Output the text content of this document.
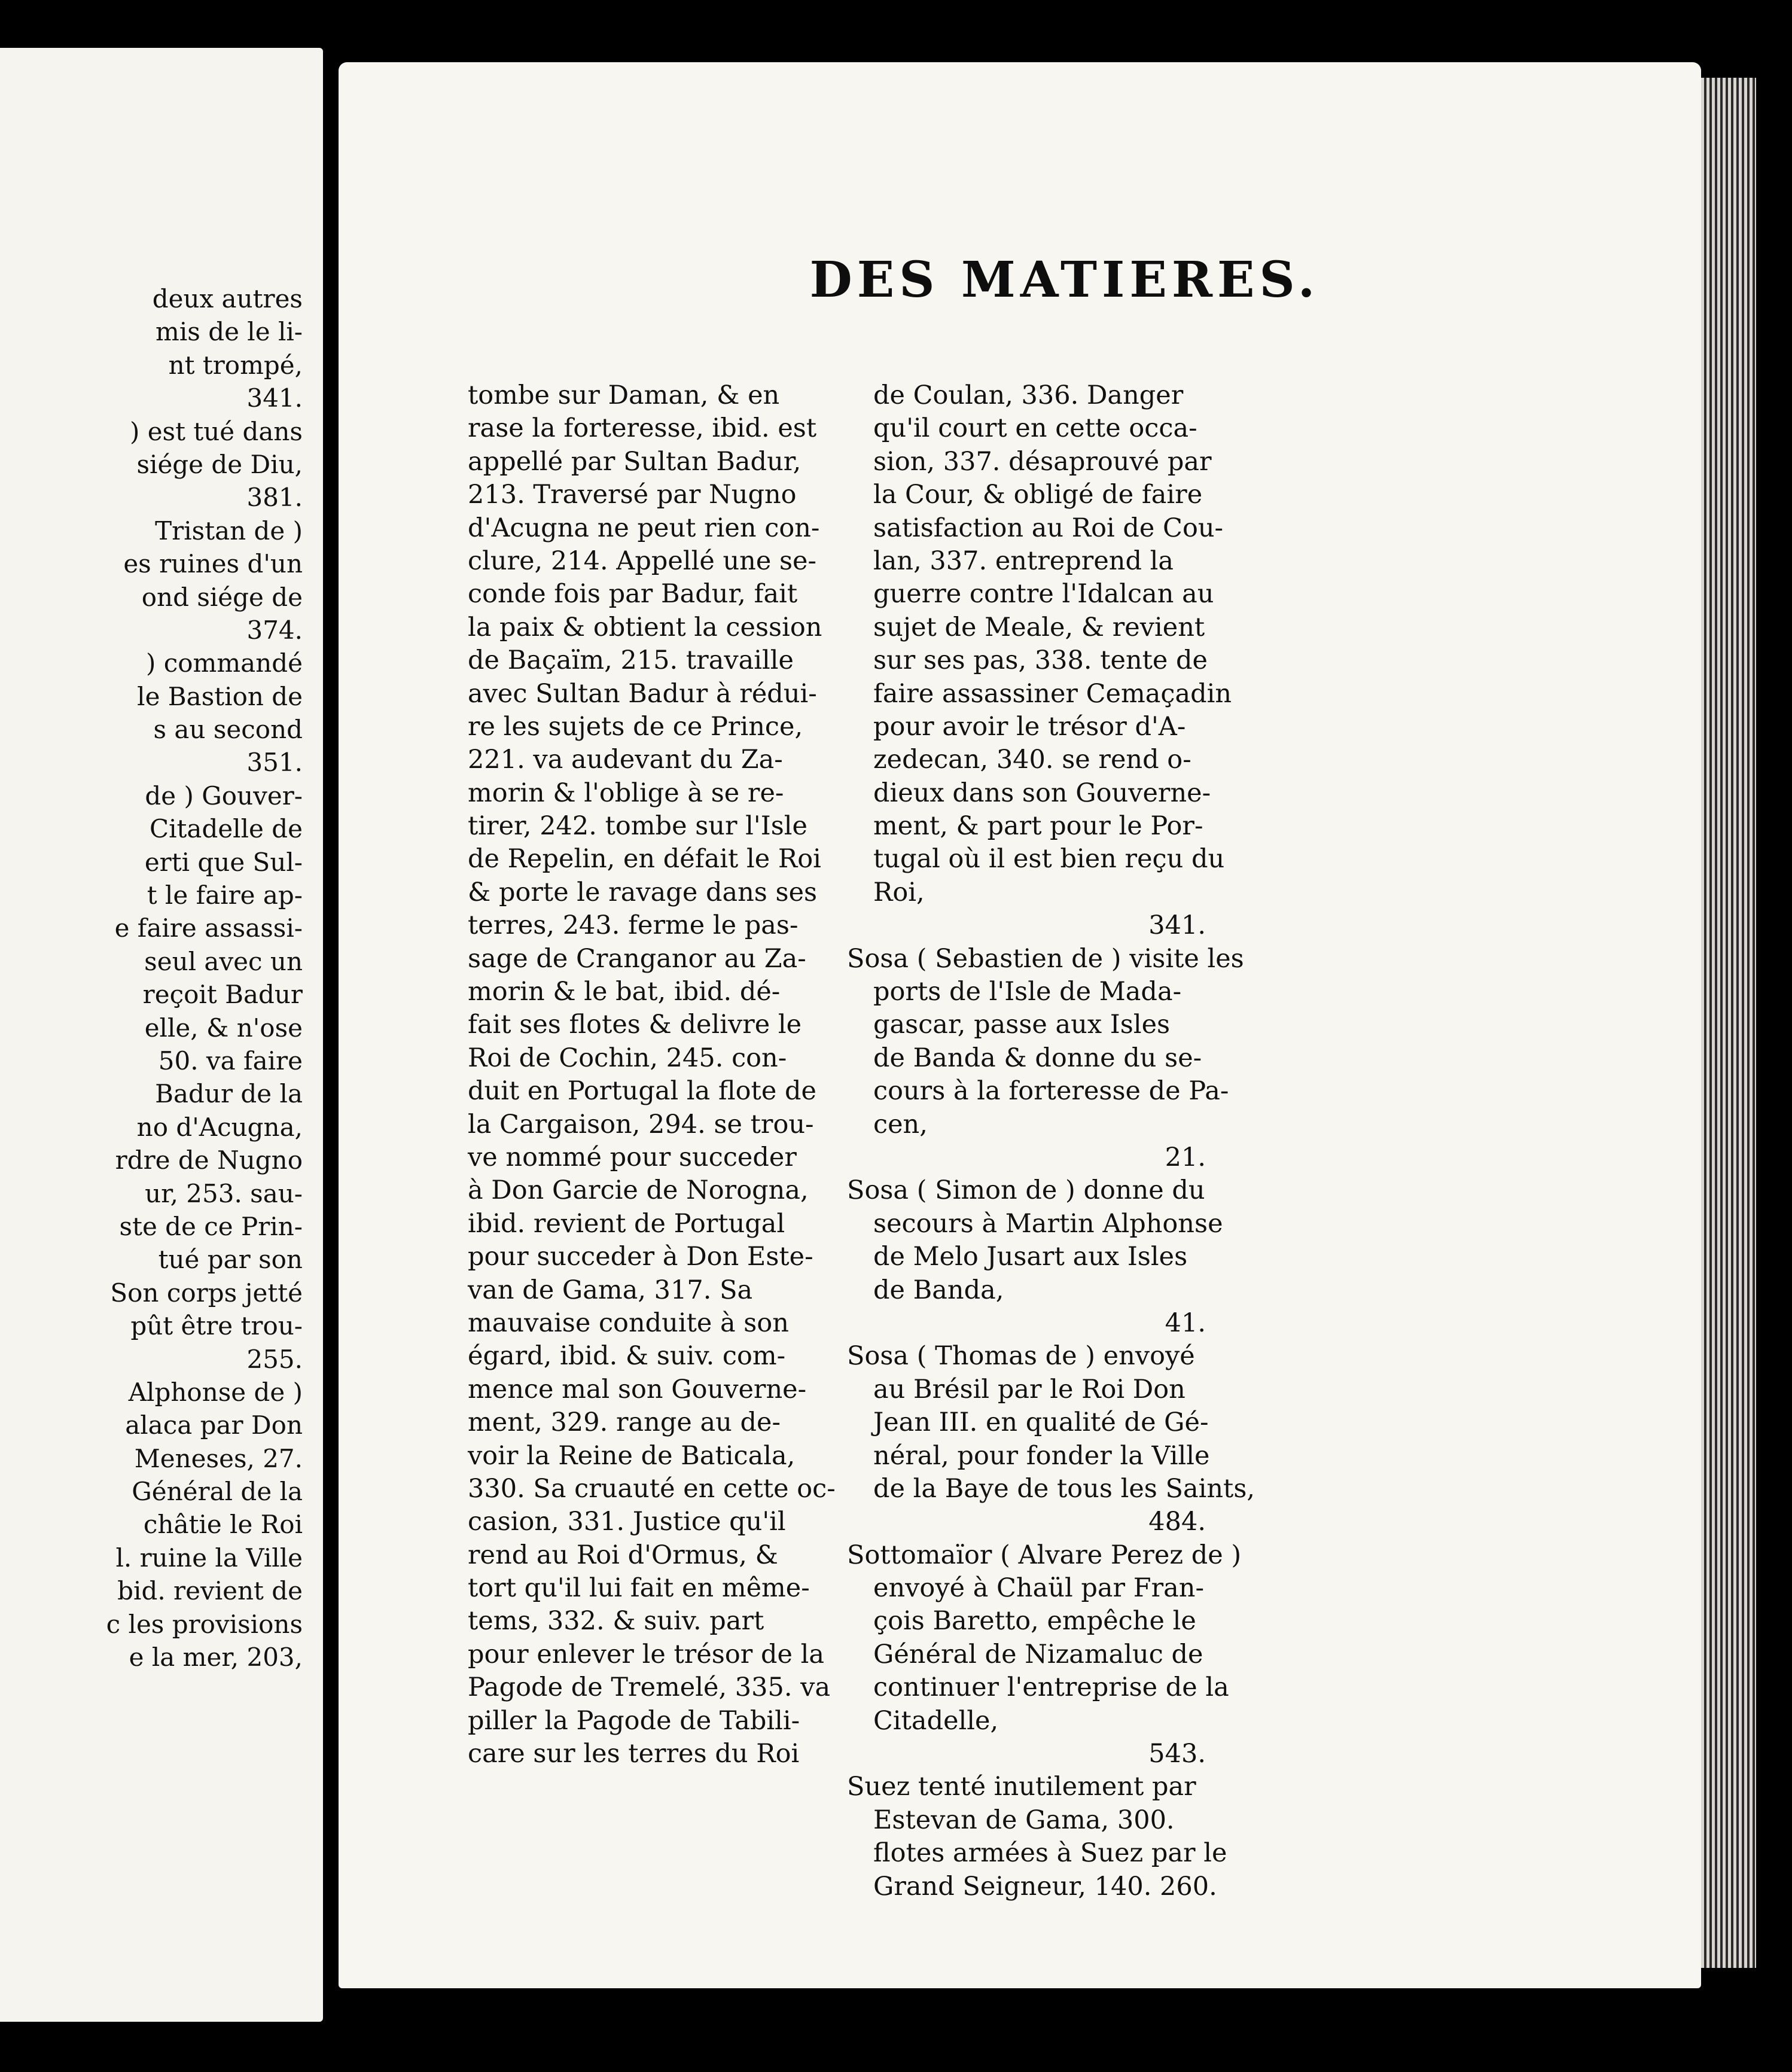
deux autres
mis de le li-
nt trompé,
341.
) est tué dans
siége de Diu,
381.
Tristan de )
es ruines d'un
ond siége de
374.
) commandé
le Bastion de
s au second
351.
de ) Gouver-
Citadelle de
erti que Sul-
t le faire ap-
e faire assassi-
seul avec un
reçoit Badur
elle, & n'ose
50. va faire
Badur de la
no d'Acugna,
rdre de Nugno
ur, 253. sau-
ste de ce Prin-
tué par son
Son corps jetté
pût être trou-
255.
Alphonse de )
alaca par Don
Meneses, 27.
Général de la
châtie le Roi
l. ruine la Ville
bid. revient de
c les provisions
e la mer, 203,
DES MATIERES.
tombe sur Daman, & en
rase la forteresse, ibid. est
appellé par Sultan Badur,
213. Traversé par Nugno
d'Acugna ne peut rien con-
clure, 214. Appellé une se-
conde fois par Badur, fait
la paix & obtient la cession
de Baçaïm, 215. travaille
avec Sultan Badur à rédui-
re les sujets de ce Prince,
221. va audevant du Za-
morin & l'oblige à se re-
tirer, 242. tombe sur l'Isle
de Repelin, en défait le Roi
& porte le ravage dans ses
terres, 243. ferme le pas-
sage de Cranganor au Za-
morin & le bat, ibid. dé-
fait ses flotes & delivre le
Roi de Cochin, 245. con-
duit en Portugal la flote de
la Cargaison, 294. se trou-
ve nommé pour succeder
à Don Garcie de Norogna,
ibid. revient de Portugal
pour succeder à Don Este-
van de Gama, 317. Sa
mauvaise conduite à son
égard, ibid. & suiv. com-
mence mal son Gouverne-
ment, 329. range au de-
voir la Reine de Baticala,
330. Sa cruauté en cette oc-
casion, 331. Justice qu'il
rend au Roi d'Ormus, &
tort qu'il lui fait en même-
tems, 332. & suiv. part
pour enlever le trésor de la
Pagode de Tremelé, 335. va
piller la Pagode de Tabili-
care sur les terres du Roi
de Coulan, 336. Danger
qu'il court en cette occa-
sion, 337. désaprouvé par
la Cour, & obligé de faire
satisfaction au Roi de Cou-
lan, 337. entreprend la
guerre contre l'Idalcan au
sujet de Meale, & revient
sur ses pas, 338. tente de
faire assassiner Cemaçadin
pour avoir le trésor d'A-
zedecan, 340. se rend o-
dieux dans son Gouverne-
ment, & part pour le Por-
tugal où il est bien reçu du
Roi,
341.
Sosa ( Sebastien de ) visite les
ports de l'Isle de Mada-
gascar, passe aux Isles
de Banda & donne du se-
cours à la forteresse de Pa-
cen,
21.
Sosa ( Simon de ) donne du
secours à Martin Alphonse
de Melo Jusart aux Isles
de Banda,
41.
Sosa ( Thomas de ) envoyé
au Brésil par le Roi Don
Jean III. en qualité de Gé-
néral, pour fonder la Ville
de la Baye de tous les Saints,
484.
Sottomaïor ( Alvare Perez de )
envoyé à Chaül par Fran-
çois Baretto, empêche le
Général de Nizamaluc de
continuer l'entreprise de la
Citadelle,
543.
Suez tenté inutilement par
Estevan de Gama, 300.
flotes armées à Suez par le
Grand Seigneur, 140. 260.
